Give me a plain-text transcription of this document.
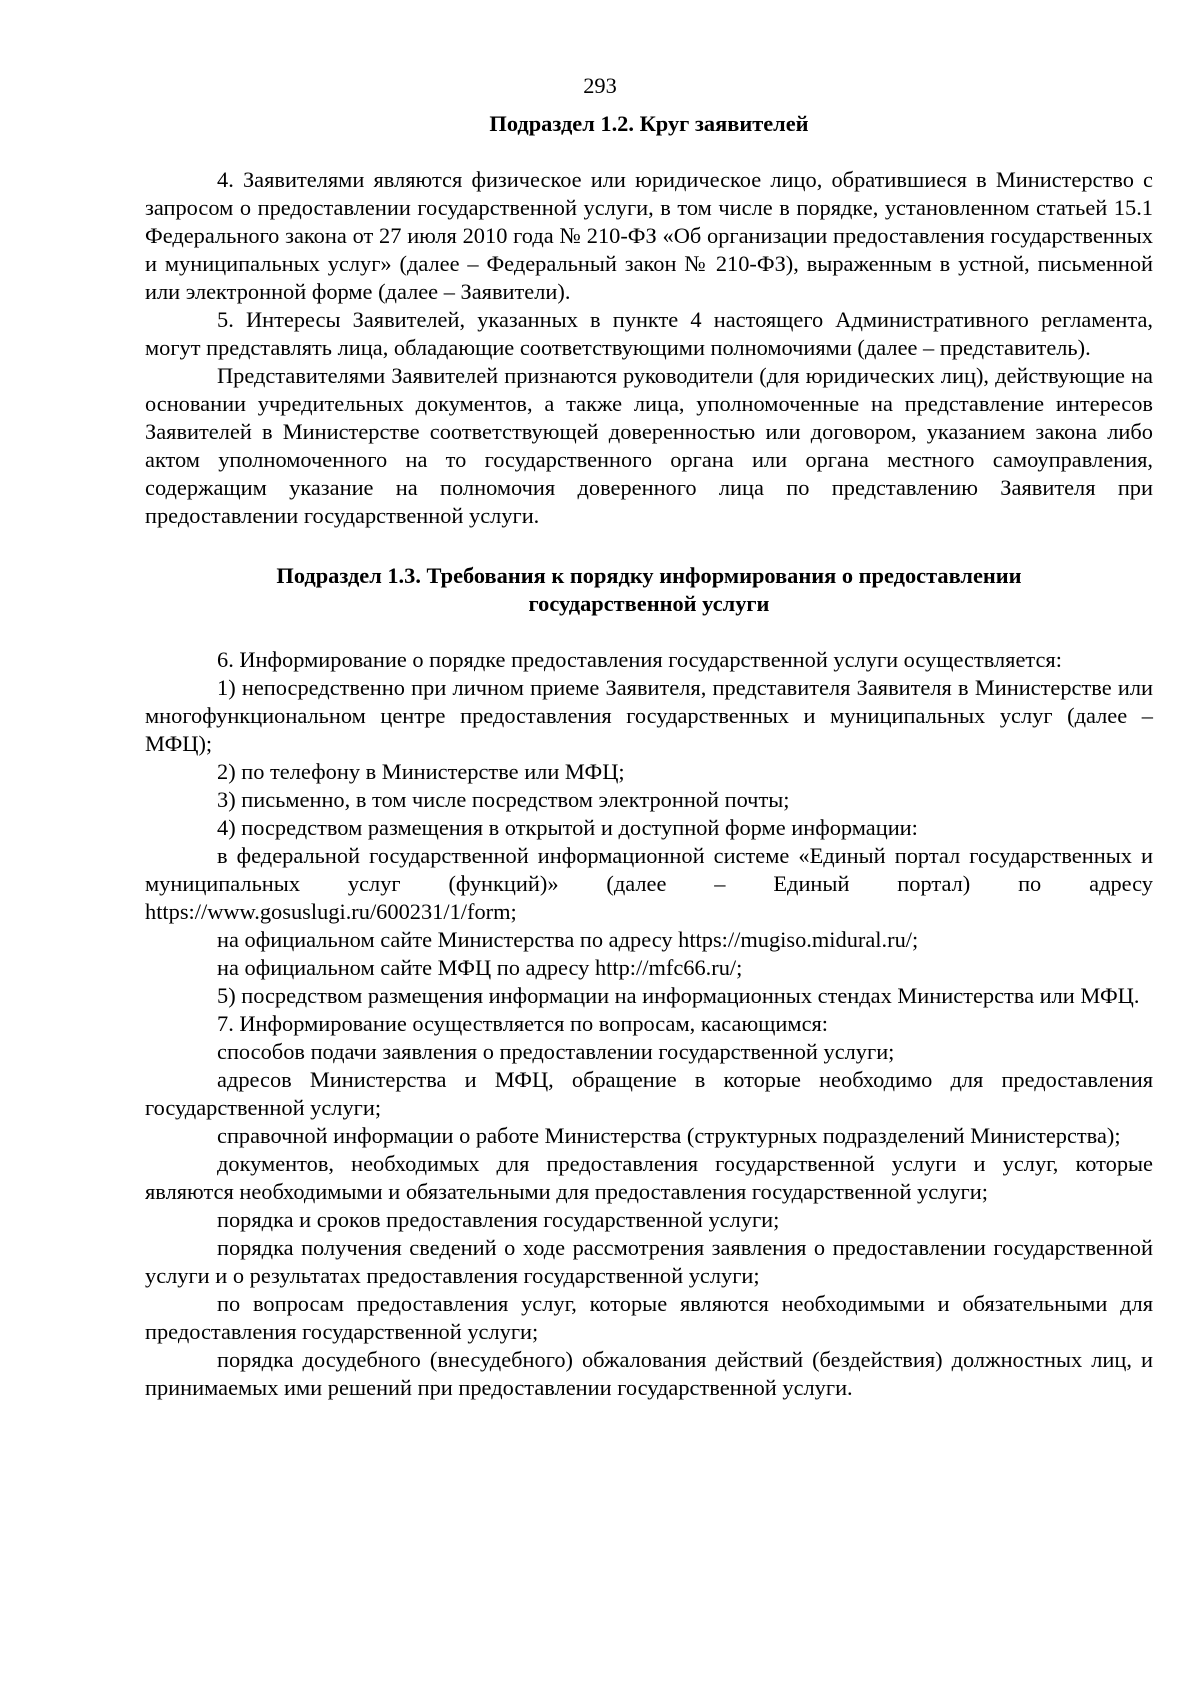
293
Подраздел 1.2. Круг заявителей

4. Заявителями являются физическое или юридическое лицо, обратившиеся в Министерство с запросом о предоставлении государственной услуги, в том числе в порядке, установленном статьей 15.1 Федерального закона от 27 июля 2010 года № 210-ФЗ «Об организации предоставления государственных и муниципальных услуг» (далее – Федеральный закон № 210-ФЗ), выраженным в устной, письменной или электронной форме (далее – Заявители).

5. Интересы Заявителей, указанных в пункте 4 настоящего Административного регламента, могут представлять лица, обладающие соответствующими полномочиями (далее – представитель).

Представителями Заявителей признаются руководители (для юридических лиц), действующие на основании учредительных документов, а также лица, уполномоченные на представление интересов Заявителей в Министерстве соответствующей доверенностью или договором, указанием закона либо актом уполномоченного на то государственного органа или органа местного самоуправления, содержащим указание на полномочия доверенного лица по представлению Заявителя при предоставлении государственной услуги.

Подраздел 1.3. Требования к порядку информирования о предоставлении
государственной услуги

6. Информирование о порядке предоставления государственной услуги осуществляется:

1) непосредственно при личном приеме Заявителя, представителя Заявителя в Министерстве или многофункциональном центре предоставления государственных и муниципальных услуг (далее – МФЦ);

2) по телефону в Министерстве или МФЦ;

3) письменно, в том числе посредством электронной почты;

4) посредством размещения в открытой и доступной форме информации:

в федеральной государственной информационной системе «Единый портал государственных и муниципальных услуг (функций)» (далее – Единый портал) по адресу https://www.gosuslugi.ru/600231/1/form;

на официальном сайте Министерства по адресу https://mugiso.midural.ru/;

на официальном сайте МФЦ по адресу http://mfc66.ru/;

5) посредством размещения информации на информационных стендах Министерства или МФЦ.

7. Информирование осуществляется по вопросам, касающимся:

способов подачи заявления о предоставлении государственной услуги;

адресов Министерства и МФЦ, обращение в которые необходимо для предоставления государственной услуги;

справочной информации о работе Министерства (структурных подразделений Министерства);

документов, необходимых для предоставления государственной услуги и услуг, которые являются необходимыми и обязательными для предоставления государственной услуги;

порядка и сроков предоставления государственной услуги;

порядка получения сведений о ходе рассмотрения заявления о предоставлении государственной услуги и о результатах предоставления государственной услуги;

по вопросам предоставления услуг, которые являются необходимыми и обязательными для предоставления государственной услуги;

порядка досудебного (внесудебного) обжалования действий (бездействия) должностных лиц, и принимаемых ими решений при предоставлении государственной услуги.
